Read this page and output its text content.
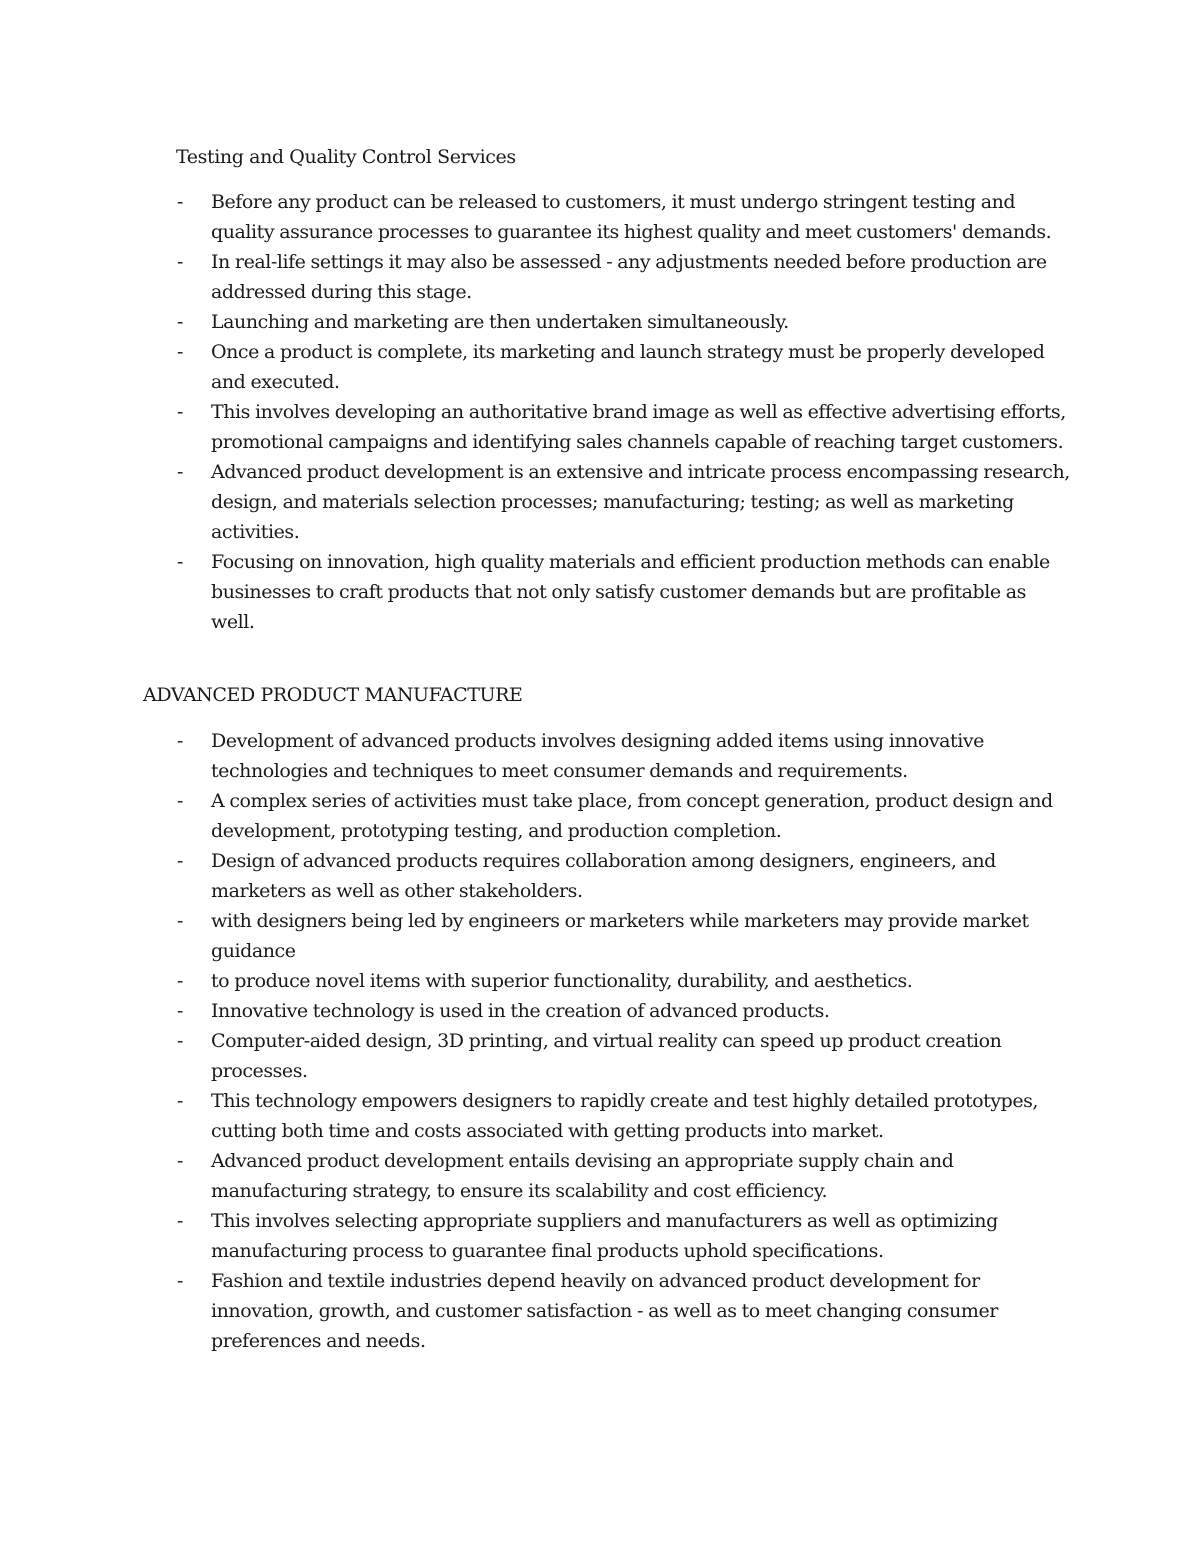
Testing and Quality Control Services
- Before any product can be released to customers, it must undergo stringent testing and quality assurance processes to guarantee its highest quality and meet customers' demands.
- In real-life settings it may also be assessed - any adjustments needed before production are addressed during this stage.
- Launching and marketing are then undertaken simultaneously.
- Once a product is complete, its marketing and launch strategy must be properly developed and executed.
- This involves developing an authoritative brand image as well as effective advertising efforts, promotional campaigns and identifying sales channels capable of reaching target customers.
- Advanced product development is an extensive and intricate process encompassing research, design, and materials selection processes; manufacturing; testing; as well as marketing activities.
- Focusing on innovation, high quality materials and efficient production methods can enable businesses to craft products that not only satisfy customer demands but are profitable as well.
ADVANCED PRODUCT MANUFACTURE
- Development of advanced products involves designing added items using innovative technologies and techniques to meet consumer demands and requirements.
- A complex series of activities must take place, from concept generation, product design and development, prototyping testing, and production completion.
- Design of advanced products requires collaboration among designers, engineers, and marketers as well as other stakeholders.
- with designers being led by engineers or marketers while marketers may provide market guidance
- to produce novel items with superior functionality, durability, and aesthetics.
- Innovative technology is used in the creation of advanced products.
- Computer-aided design, 3D printing, and virtual reality can speed up product creation processes.
- This technology empowers designers to rapidly create and test highly detailed prototypes, cutting both time and costs associated with getting products into market.
- Advanced product development entails devising an appropriate supply chain and manufacturing strategy, to ensure its scalability and cost efficiency.
- This involves selecting appropriate suppliers and manufacturers as well as optimizing manufacturing process to guarantee final products uphold specifications.
- Fashion and textile industries depend heavily on advanced product development for innovation, growth, and customer satisfaction - as well as to meet changing consumer preferences and needs.
